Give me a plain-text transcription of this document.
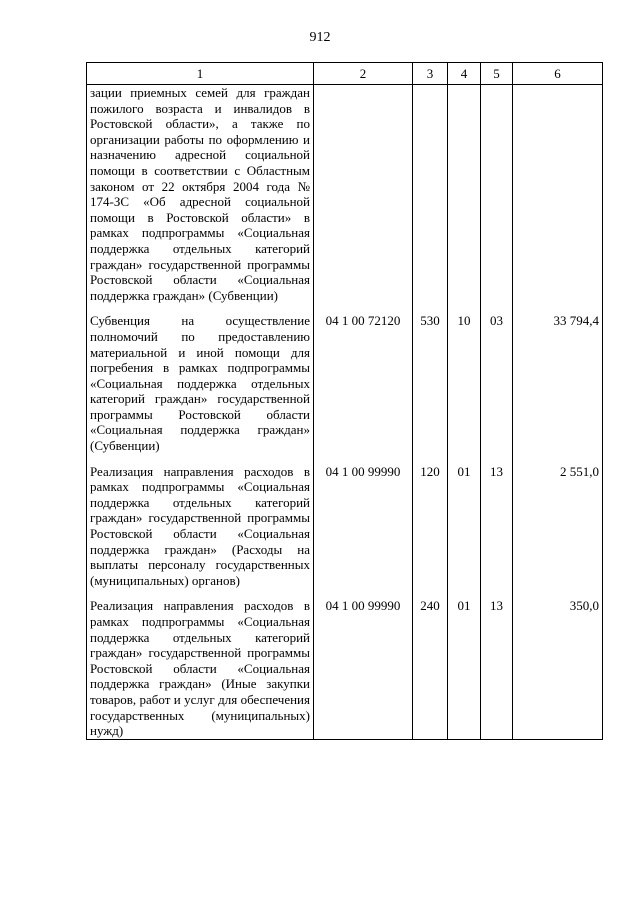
912
1	2	3	4	5	6
зации приемных семей для граждан пожилого возраста и инвалидов в Ростовской области», а также по организации работы по оформлению и назначению адресной социальной помощи в соответствии с Областным законом от 22 октября 2004 года № 174-ЗС «Об адресной социальной помощи в Ростовской области» в рамках подпрограммы «Социальная поддержка отдельных категорий граждан» государственной программы Ростовской области «Социальная поддержка граждан» (Субвенции)					

Субвенция на осуществление полномочий по предоставлению материальной и иной помощи для погребения в рамках подпрограммы «Социальная поддержка отдельных категорий граждан» государственной программы Ростовской области «Социальная поддержка граждан» (Субвенции)	04 1 00 72120	530	10	03	33 794,4

Реализация направления расходов в рамках подпрограммы «Социальная поддержка отдельных категорий граждан» государственной программы Ростовской области «Социальная поддержка граждан» (Расходы на выплаты персоналу государственных (муниципальных) органов)	04 1 00 99990	120	01	13	2 551,0

Реализация направления расходов в рамках подпрограммы «Социальная поддержка отдельных категорий граждан» государственной программы Ростовской области «Социальная поддержка граждан» (Иные закупки товаров, работ и услуг для обеспечения государственных (муниципальных) нужд)	04 1 00 99990	240	01	13	350,0
